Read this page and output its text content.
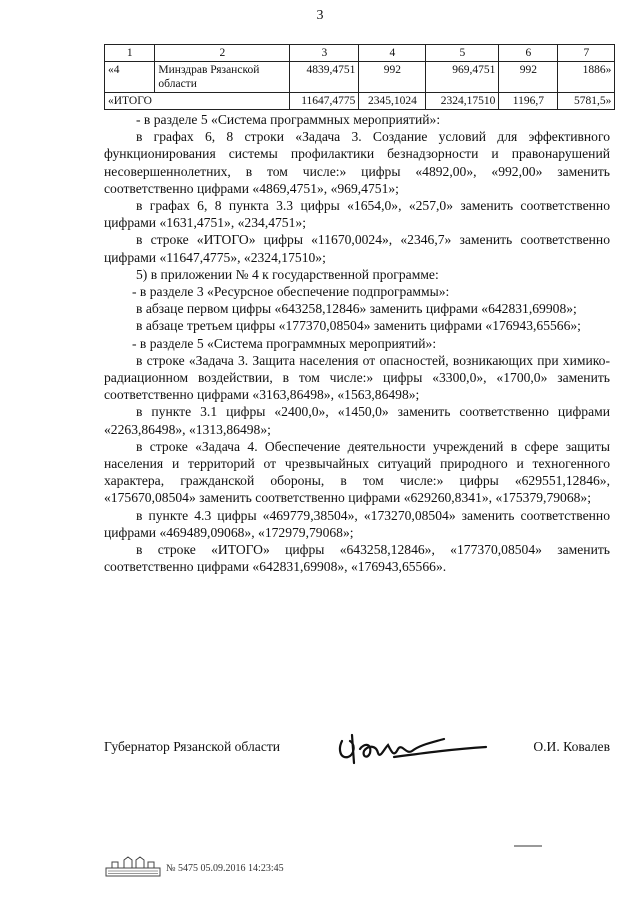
3
1	2	3	4	5	6	7
«4	Минздрав Рязанской области	4839,4751	992	969,4751	992	1886»
«ИТОГО		11647,4775	2345,1024	2324,17510	1196,7	5781,5»

- в разделе 5 «Система программных мероприятий»:

в графах 6, 8 строки «Задача 3. Создание условий для эффективного функционирования системы профилактики безнадзорности и правонарушений несовершеннолетних, в том числе:» цифры «4892,00», «992,00» заменить соответственно цифрами «4869,4751», «969,4751»;

в графах 6, 8 пункта 3.3 цифры «1654,0», «257,0» заменить соответственно цифрами «1631,4751», «234,4751»;

в строке «ИТОГО» цифры «11670,0024», «2346,7» заменить соответственно цифрами «11647,4775», «2324,17510»;

5) в приложении № 4 к государственной программе:

- в разделе 3 «Ресурсное обеспечение подпрограммы»:

в абзаце первом цифры «643258,12846» заменить цифрами «642831,69908»;

в абзаце третьем цифры «177370,08504» заменить цифрами «176943,65566»;

- в разделе 5 «Система программных мероприятий»:

в строке «Задача 3. Защита населения от опасностей, возникающих при химико-радиационном воздействии, в том числе:» цифры «3300,0», «1700,0» заменить соответственно цифрами «3163,86498», «1563,86498»;

в пункте 3.1 цифры «2400,0», «1450,0» заменить соответственно цифрами «2263,86498», «1313,86498»;

в строке «Задача 4. Обеспечение деятельности учреждений в сфере защиты населения и территорий от чрезвычайных ситуаций природного и техногенного характера, гражданской обороны, в том числе:» цифры «629551,12846», «175670,08504» заменить соответственно цифрами «629260,8341», «175379,79068»;

в пункте 4.3 цифры «469779,38504», «173270,08504» заменить соответственно цифрами «469489,09068», «172979,79068»;

в строке «ИТОГО» цифры «643258,12846», «177370,08504» заменить соответственно цифрами «642831,69908», «176943,65566».

Губернатор Рязанской области	О.И. Ковалев
№ 5475 05.09.2016 14:23:45
